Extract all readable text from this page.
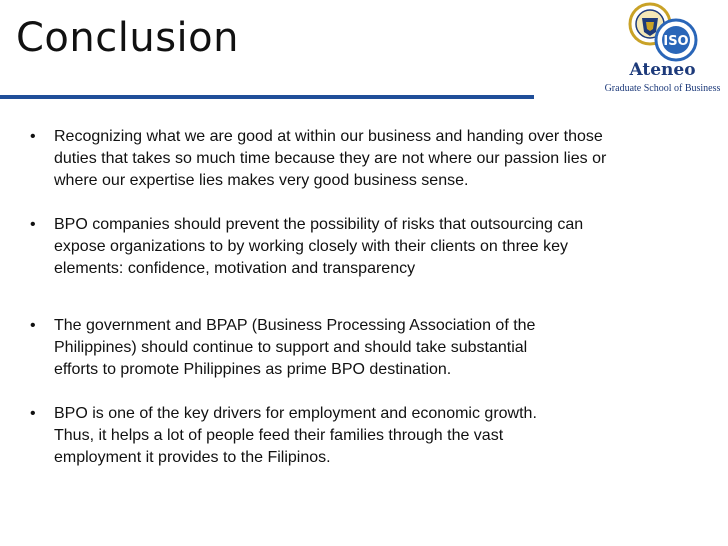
Conclusion	ISO
Ateneo
Graduate School of Business
•	Recognizing what we are good at within our business and handing over those
duties that takes so much time because they are not where our passion lies or
where our expertise lies makes very good business sense.
•	BPO companies should prevent the possibility of risks that outsourcing can
expose organizations to by working closely with their clients on three key
elements: confidence, motivation and transparency
•	The government and BPAP (Business Processing Association of the
Philippines) should continue to support and should take substantial
efforts to promote Philippines as prime BPO destination.
•	BPO is one of the key drivers for employment and economic growth.
Thus, it helps a lot of people feed their families through the vast
employment it provides to the Filipinos.
